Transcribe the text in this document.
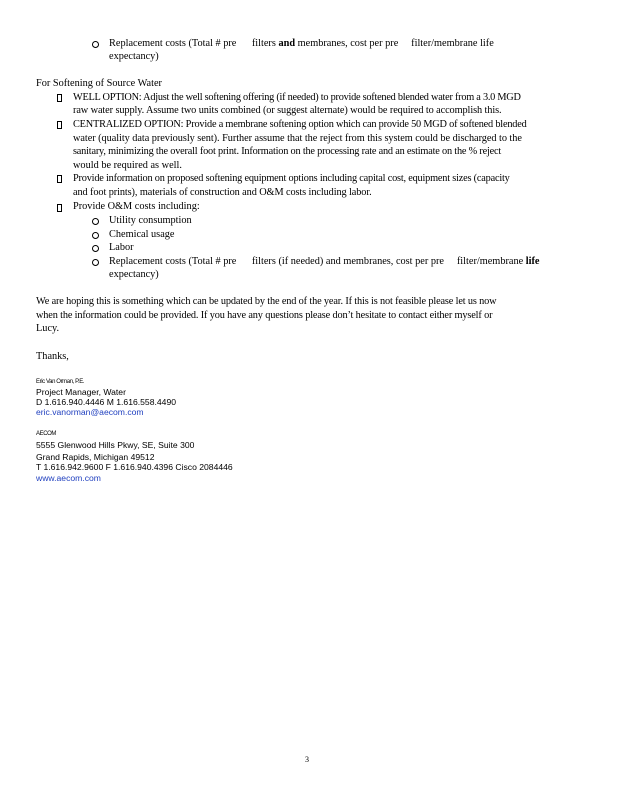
Replacement costs (Total # pre filters and membranes, cost per pre filter/membrane life
expectancy)
For Softening of Source Water
WELL OPTION: Adjust the well softening offering (if needed) to provide softened blended water from a 3.0 MGD
raw water supply. Assume two units combined (or suggest alternate) would be required to accomplish this.
CENTRALIZED OPTION: Provide a membrane softening option which can provide 50 MGD of softened blended
water (quality data previously sent). Further assume that the reject from this system could be discharged to the
sanitary, minimizing the overall foot print. Information on the processing rate and an estimate on the % reject
would be required as well.
Provide information on proposed softening equipment options including capital cost, equipment sizes (capacity
and foot prints), materials of construction and O&M costs including labor.
Provide O&M costs including:
Utility consumption
Chemical usage
Labor
Replacement costs (Total # pre filters (if needed) and membranes, cost per pre filter/membrane life
expectancy)
We are hoping this is something which can be updated by the end of the year. If this is not feasible please let us now
when the information could be provided. If you have any questions please don’t hesitate to contact either myself or
Lucy.
Thanks,
Eric Van Orman, P.E.
Project Manager, Water
D 1.616.940.4446 M 1.616.558.4490
eric.vanorman@aecom.com
AECOM
5555 Glenwood Hills Pkwy, SE, Suite 300
Grand Rapids, Michigan 49512
T 1.616.942.9600 F 1.616.940.4396 Cisco 2084446
www.aecom.com
3
